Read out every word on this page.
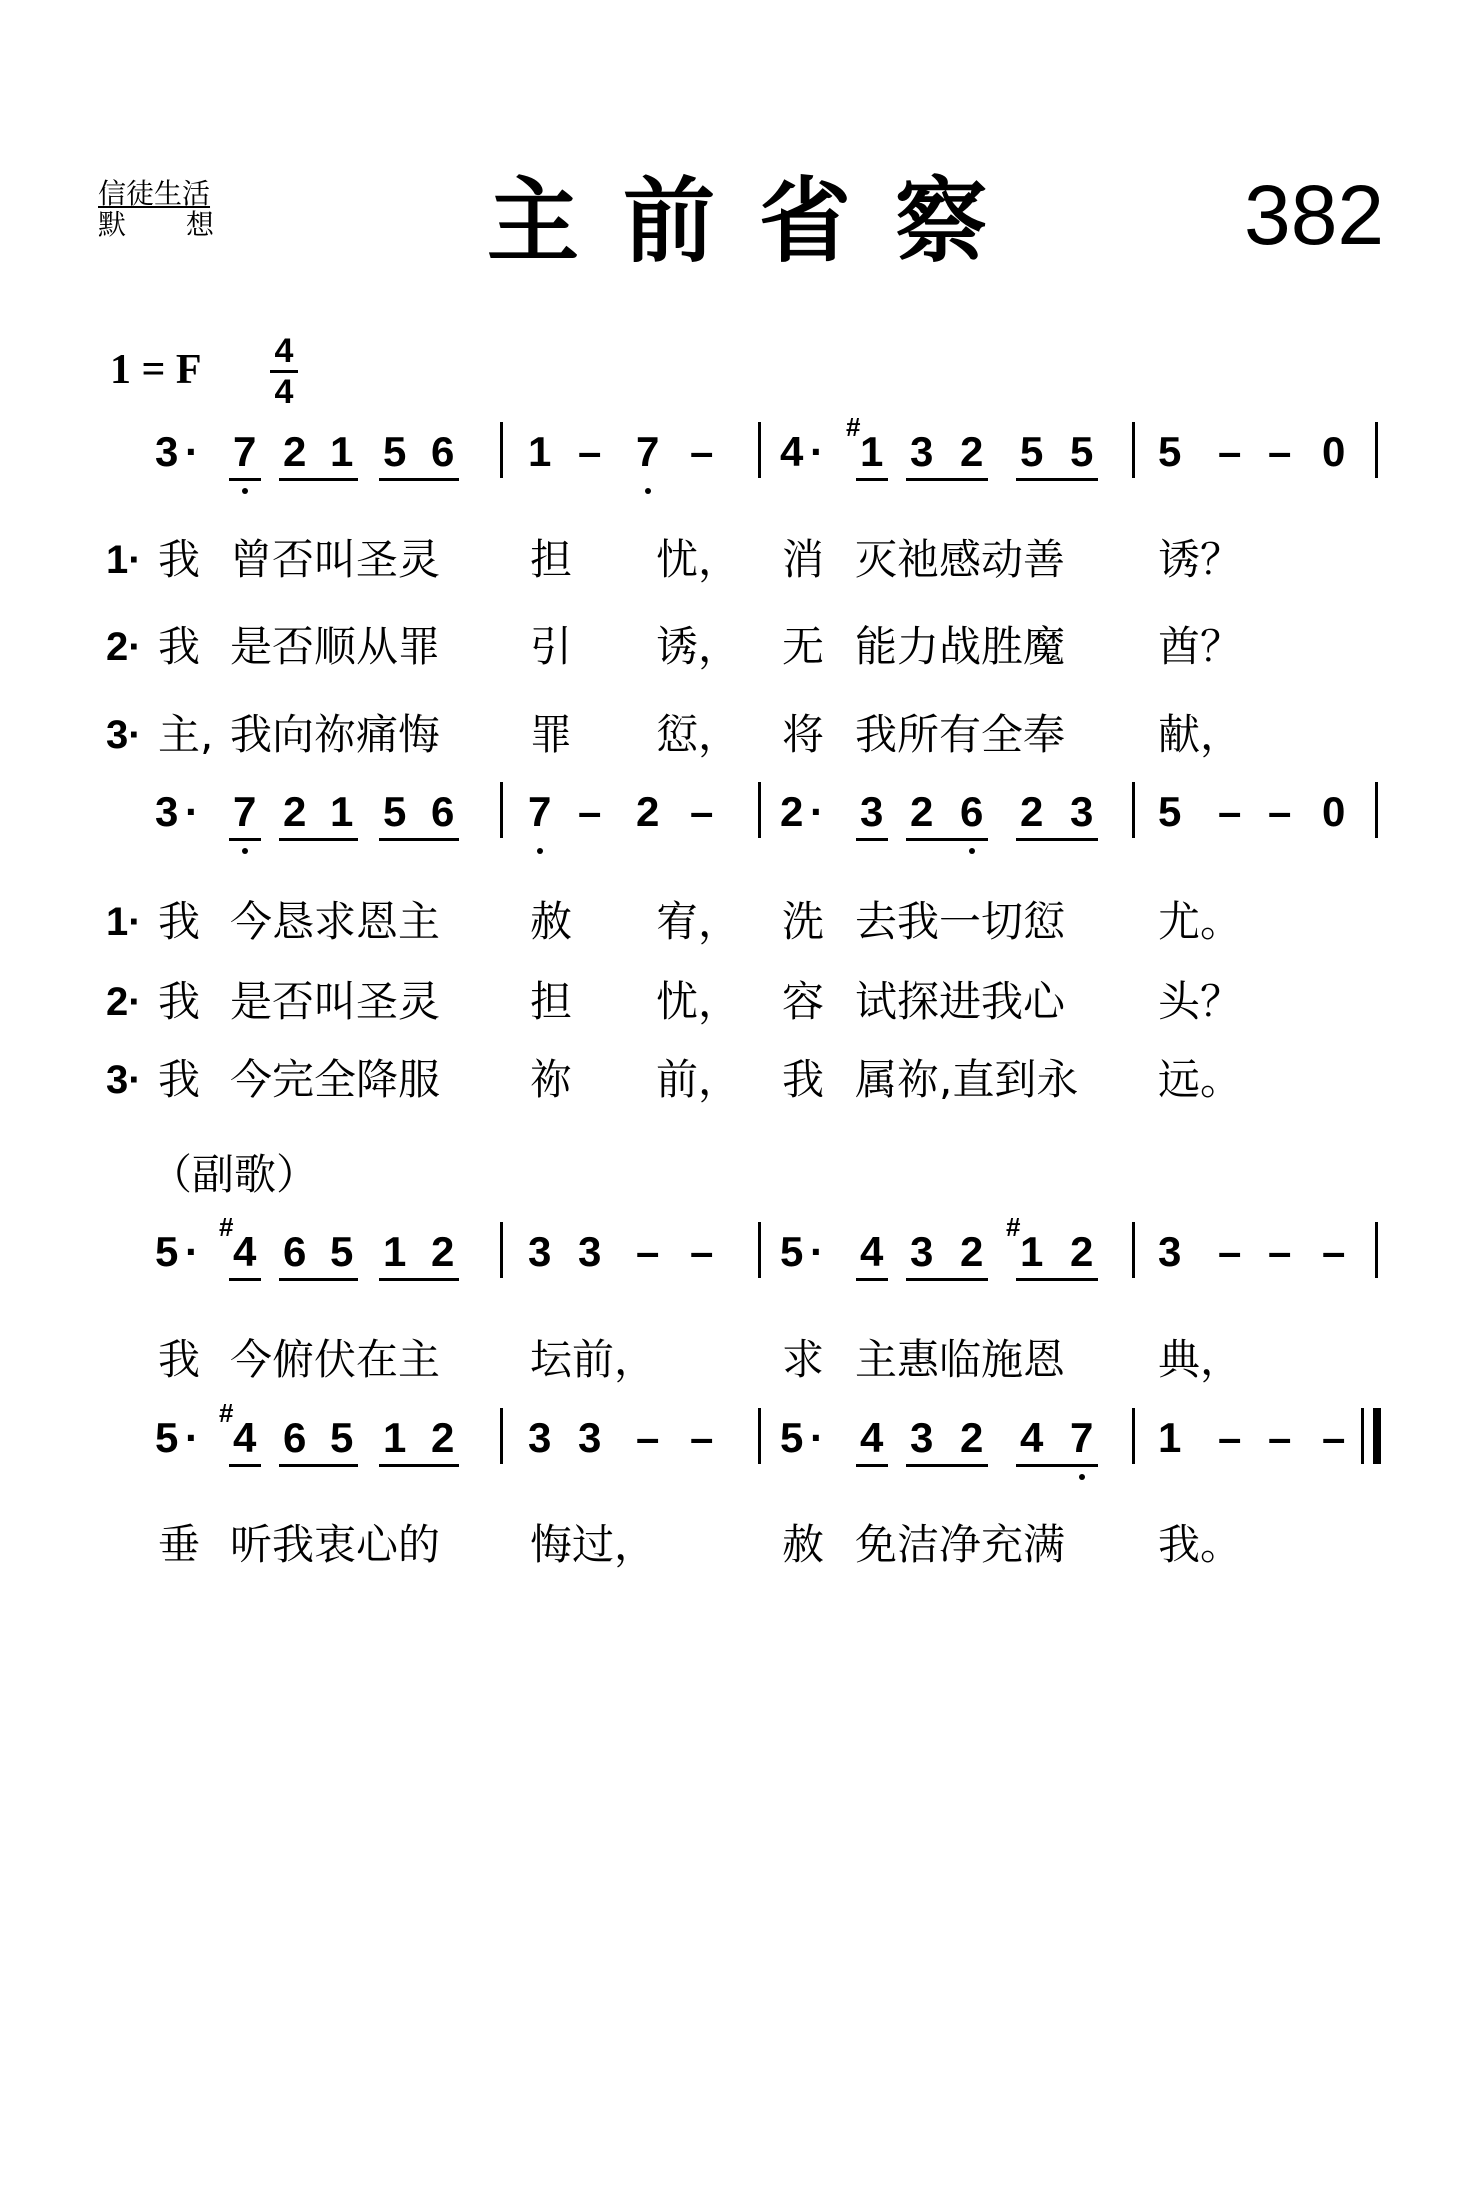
信徒生活
默想 主前省察	382
1 = F 4
4
3 · 7 2 1 5 6 1 – 7 – 4 · 1 3 2 5 5 5 – – 0
#
3 · 7 2 1 5 6 7 – 2 – 2 · 3 2 6 2 3 5 – – 0
5 · 4 6 5 1 2 3 3 – – 5 · 4 3 2 1 2 3 – – –
#	#
5 · 4 6 5 1 2 3 3 – – 5 · 4 3 2 4 7 1 – – –
#
1· 我 曾否叫圣灵 担 忧， 消 灭祂感动善 诱？
2· 我 是否顺从罪 引 诱， 无 能力战胜魔 酋？
3· 主, 我向祢痛悔 罪 愆， 将 我所有全奉 献，
1· 我 今恳求恩主 赦 宥， 洗 去我一切愆 尤。
2· 我 是否叫圣灵 担 忧， 容 试探进我心 头？
3· 我 今完全降服 祢 前， 我 属祢,直到永 远。
我 今俯伏在主 坛前，	求 主惠临施恩 典，
垂 听我衷心的 悔过，	赦 免洁净充满 我。
（副歌）
